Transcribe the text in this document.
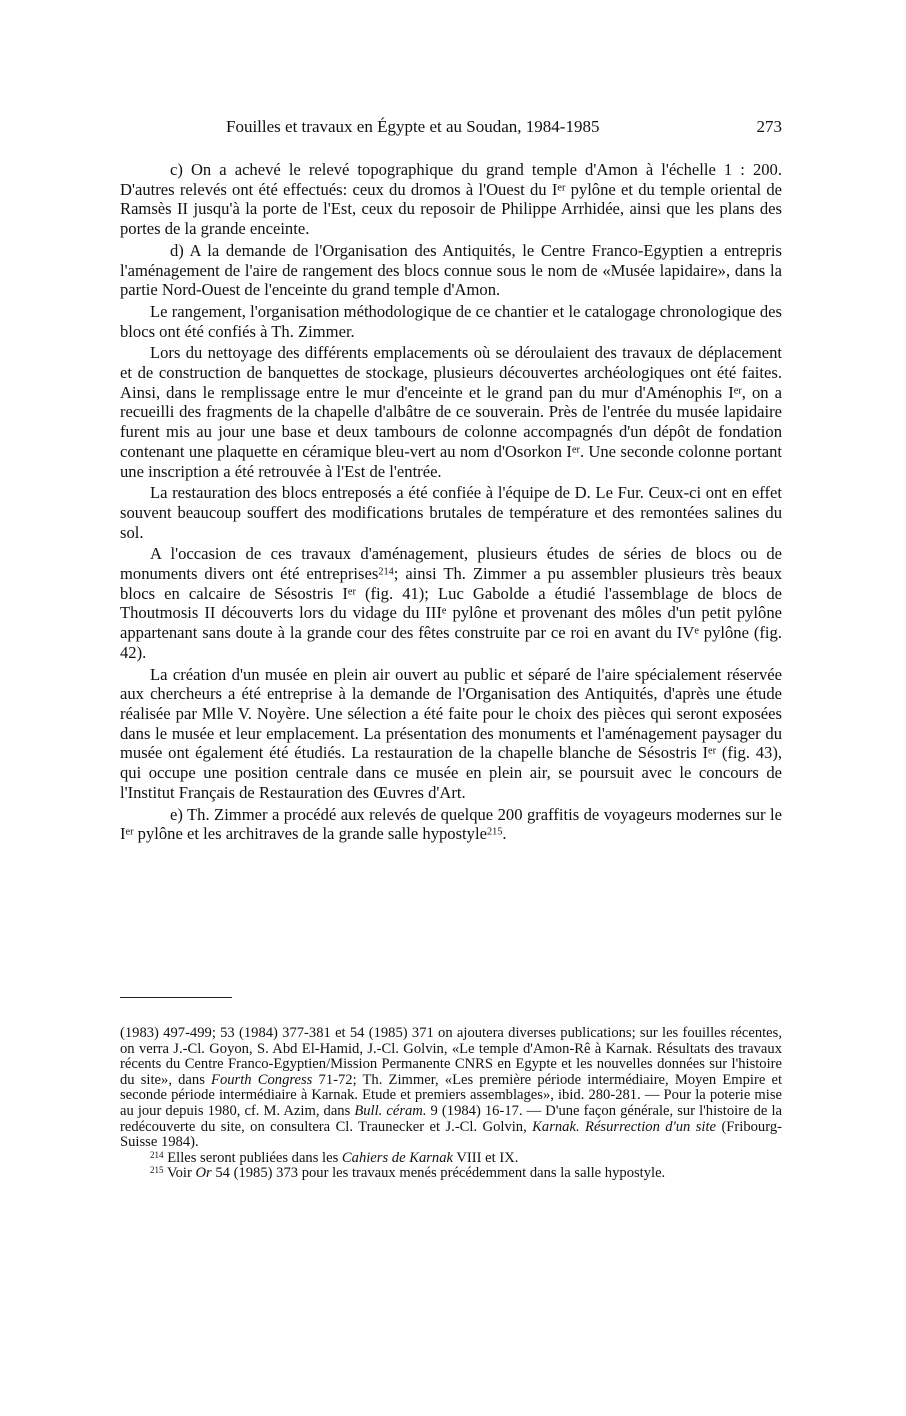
Fouilles et travaux en Égypte et au Soudan, 1984-1985	273

c) On a achevé le relevé topographique du grand temple d'Amon à l'échelle 1 : 200. D'autres relevés ont été effectués: ceux du dromos à l'Ouest du Ier pylône et du temple oriental de Ramsès II jusqu'à la porte de l'Est, ceux du reposoir de Philippe Arrhidée, ainsi que les plans des portes de la grande enceinte.

d) A la demande de l'Organisation des Antiquités, le Centre Franco-Egyptien a entrepris l'aménagement de l'aire de rangement des blocs connue sous le nom de «Musée lapidaire», dans la partie Nord-Ouest de l'enceinte du grand temple d'Amon.

Le rangement, l'organisation méthodologique de ce chantier et le catalogage chronologique des blocs ont été confiés à Th. Zimmer.

Lors du nettoyage des différents emplacements où se déroulaient des travaux de déplacement et de construction de banquettes de stockage, plusieurs découvertes archéologiques ont été faites. Ainsi, dans le remplissage entre le mur d'enceinte et le grand pan du mur d'Aménophis Ier, on a recueilli des fragments de la chapelle d'albâtre de ce souverain. Près de l'entrée du musée lapidaire furent mis au jour une base et deux tambours de colonne accompagnés d'un dépôt de fondation contenant une plaquette en céramique bleu-vert au nom d'Osorkon Ier. Une seconde colonne portant une inscription a été retrouvée à l'Est de l'entrée.

La restauration des blocs entreposés a été confiée à l'équipe de D. Le Fur. Ceux-ci ont en effet souvent beaucoup souffert des modifications brutales de température et des remontées salines du sol.

A l'occasion de ces travaux d'aménagement, plusieurs études de séries de blocs ou de monuments divers ont été entreprises$^{214}$; ainsi Th. Zimmer a pu assembler plusieurs très beaux blocs en calcaire de Sésostris Ier (fig. 41); Luc Gabolde a étudié l'assemblage de blocs de Thoutmosis II découverts lors du vidage du IIIe pylône et provenant des môles d'un petit pylône appartenant sans doute à la grande cour des fêtes construite par ce roi en avant du IVe pylône (fig. 42).

La création d'un musée en plein air ouvert au public et séparé de l'aire spécialement réservée aux chercheurs a été entreprise à la demande de l'Organisation des Antiquités, d'après une étude réalisée par Mlle V. Noyère. Une sélection a été faite pour le choix des pièces qui seront exposées dans le musée et leur emplacement. La présentation des monuments et l'aménagement paysager du musée ont également été étudiés. La restauration de la chapelle blanche de Sésostris Ier (fig. 43), qui occupe une position centrale dans ce musée en plein air, se poursuit avec le concours de l'Institut Français de Restauration des Œuvres d'Art.

e) Th. Zimmer a procédé aux relevés de quelque 200 graffitis de voyageurs modernes sur le Ier pylône et les architraves de la grande salle hypostyle$^{215}$.

(1983) 497-499; 53 (1984) 377-381 et 54 (1985) 371 on ajoutera diverses publications; sur les fouilles récentes, on verra J.-Cl. Goyon, S. Abd El-Hamid, J.-Cl. Golvin, «Le temple d'Amon-Rê à Karnak. Résultats des travaux récents du Centre Franco-Egyptien/Mission Permanente CNRS en Egypte et les nouvelles données sur l'histoire du site», dans Fourth Congress 71-72; Th. Zimmer, «Les première période intermédiaire, Moyen Empire et seconde période intermédiaire à Karnak. Etude et premiers assemblages», ibid. 280-281. — Pour la poterie mise au jour depuis 1980, cf. M. Azim, dans Bull. céram. 9 (1984) 16-17. — D'une façon générale, sur l'histoire de la redécouverte du site, on consultera Cl. Traunecker et J.-Cl. Golvin, Karnak. Résurrection d'un site (Fribourg-Suisse 1984).

$^{214}$ Elles seront publiées dans les Cahiers de Karnak VIII et IX.

$^{215}$ Voir Or 54 (1985) 373 pour les travaux menés précédemment dans la salle hypostyle.
